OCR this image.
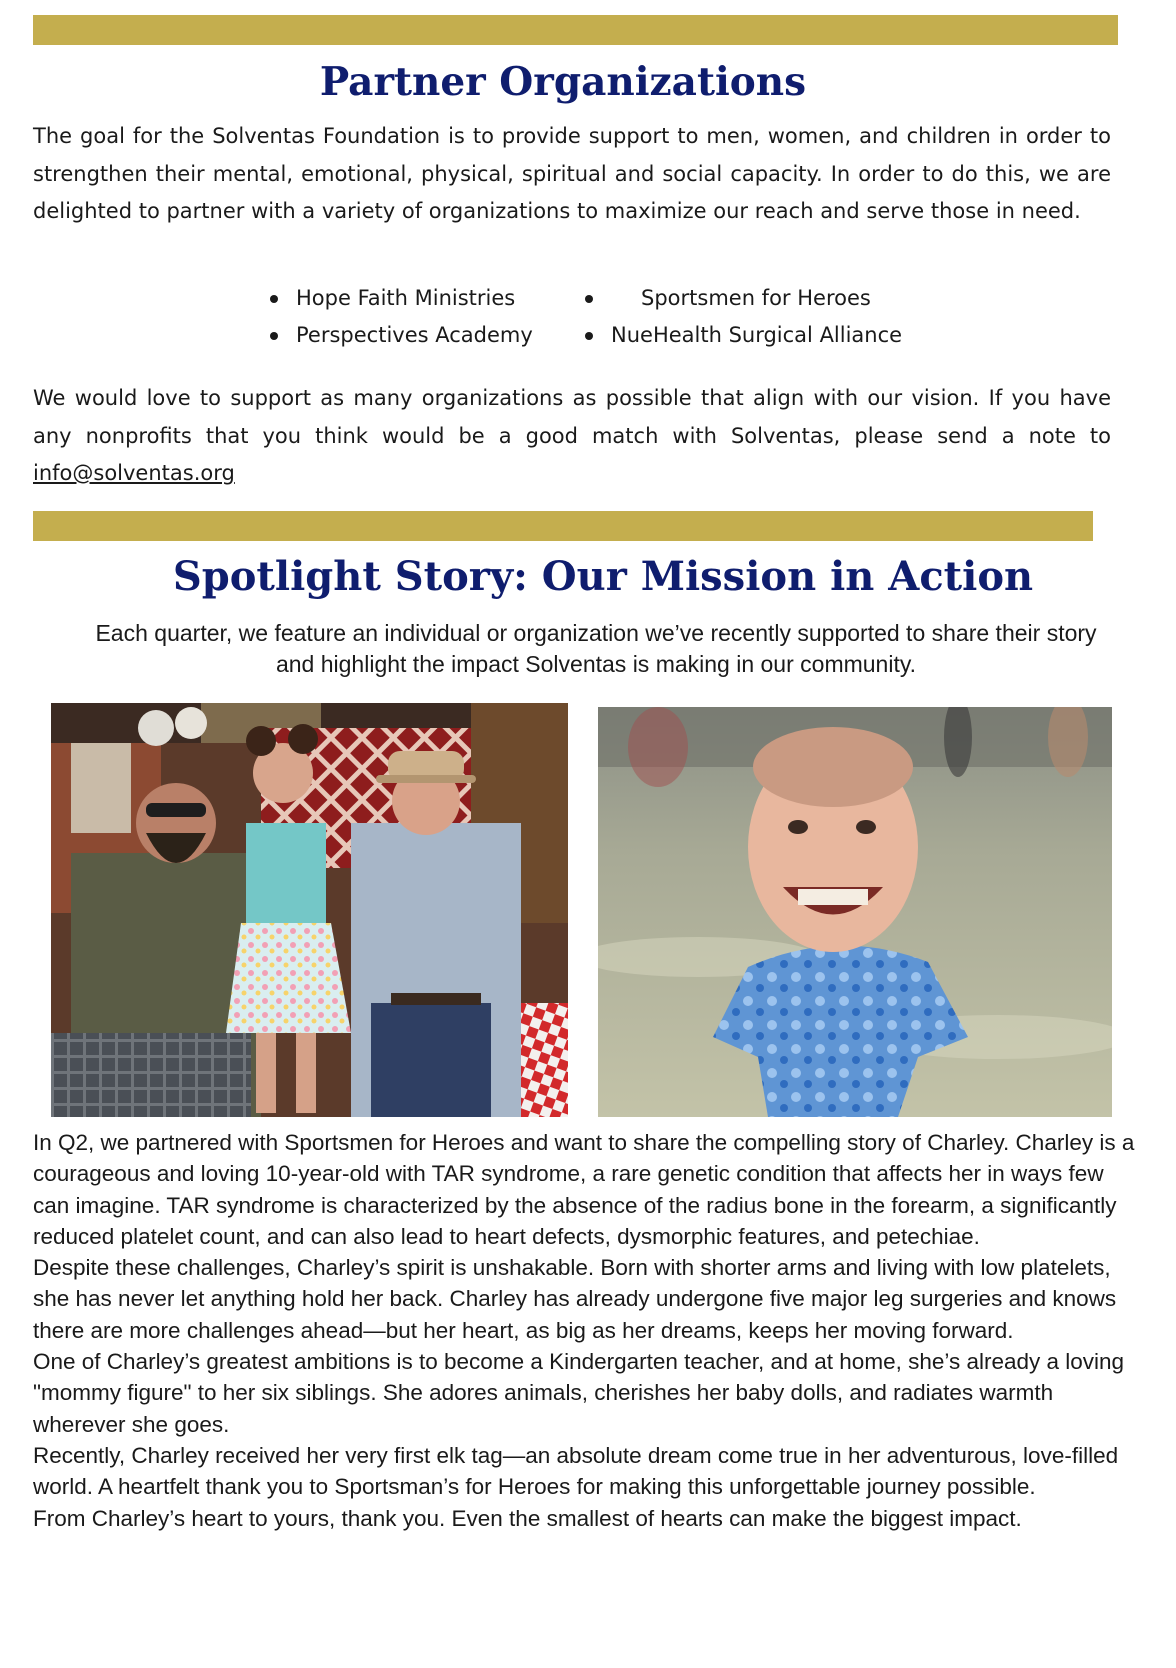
Partner Organizations

The goal for the Solventas Foundation is to provide support to men, women, and children in order to strengthen their mental, emotional, physical, spiritual and social capacity. In order to do this, we are delighted to partner with a variety of organizations to maximize our reach and serve those in need.

Hope Faith Ministries	Sportsmen for Heroes
Perspectives Academy	NueHealth Surgical Alliance

We would love to support as many organizations as possible that align with our vision. If you have any nonprofits that you think would be a good match with Solventas, please send a note to info@solventas.org

Spotlight Story: Our Mission in Action

Each quarter, we feature an individual or organization we’ve recently supported to share their story and highlight the impact Solventas is making in our community.

In Q2, we partnered with Sportsmen for Heroes and want to share the compelling story of Charley. Charley is a courageous and loving 10-year-old with TAR syndrome, a rare genetic condition that affects her in ways few can imagine. TAR syndrome is characterized by the absence of the radius bone in the forearm, a significantly reduced platelet count, and can also lead to heart defects, dysmorphic features, and petechiae.

Despite these challenges, Charley’s spirit is unshakable. Born with shorter arms and living with low platelets, she has never let anything hold her back. Charley has already undergone five major leg surgeries and knows there are more challenges ahead—but her heart, as big as her dreams, keeps her moving forward.

One of Charley’s greatest ambitions is to become a Kindergarten teacher, and at home, she’s already a loving "mommy figure" to her six siblings. She adores animals, cherishes her baby dolls, and radiates warmth wherever she goes.

Recently, Charley received her very first elk tag—an absolute dream come true in her adventurous, love-filled world. A heartfelt thank you to Sportsman’s for Heroes for making this unforgettable journey possible.

From Charley’s heart to yours, thank you. Even the smallest of hearts can make the biggest impact.
